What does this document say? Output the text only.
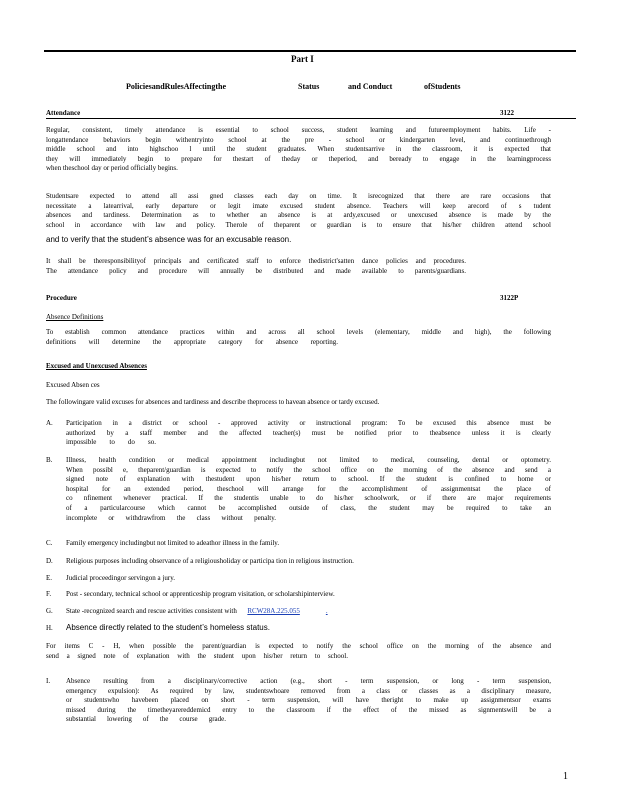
Part I
PoliciesandRulesAffectingthe	Status	and Conduct	ofStudents
Attendance	3122
Regular, consistent, timely attendance is essential to school success, student learning and futureemployment habits. Life -
longattendance behaviors begin withentryinto school at the pre - school or kindergarten level, and continuethrough
middle school and into highschoo l until the student graduates. When studentsarrive in the classroom, it is expected that
they will immediately begin to prepare for thestart of theday or theperiod, and beready to engage in the learningprocess
when theschool day or period officially begins.
Studentsare expected to attend all assi gned classes each day on time. It isrecognized that there are rare occasions that
necessitate a latearrival, early departure or legit imate excused student absence. Teachers will keep arecord of s tudent
absences and tardiness. Determination as to whether an absence is at ardy,excused or unexcused absence is made by the
school in accordance with law and policy. Therole of theparent or guardian is to ensure that his/her children attend school
and to verify that the student’s absence was for an excusable reason.
It shall be theresponsibilityof principals and certificated staff to enforce thedistrict'satten dance policies and procedures.
The attendance policy and procedure will annually be distributed and made available to parents/guardians.
Procedure	3122P
Absence Definitions
To establish common attendance practices within and across all school levels (elementary, middle and high), the following
definitions will determine the appropriate category for absence reporting.
Excused and Unexcused Absences
Excused Absen ces
The followingare valid excuses for absences and tardiness and describe theprocess to havean absence or tardy excused.
A. Participation in a district or school - approved activity or instructional program: To be excused this absence must be
authorized by a staff member and the affected teacher(s) must be notified prior to theabsence unless it is clearly
impossible to do so.
B. Illness, health condition or medical appointment includingbut not limited to medical, counseling, dental or optometry.
When possibl e, theparent/guardian is expected to notify the school office on the morning of the absence and send a
signed note of explanation with thestudent upon his/her return to school. If the student is confined to home or
hospital for an extended period, theschool will arrange for the accomplishment of assignmentsat the place of
co nfinement whenever practical. If the studentis unable to do his/her schoolwork, or if there are major requirements
of a particularcourse which cannot be accomplished outside of class, the student may be required to take an
incomplete or withdrawfrom the class without penalty.
C. Family emergency includingbut not limited to adeathor illness in the family.
D. Religious purposes including observance of a religiousholiday or participa tion in religious instruction.
E. Judicial proceedingor servingon a jury.
F. Post - secondary, technical school or apprenticeship program visitation, or scholarshipinterview.
G. State -recognized search and rescue activities consistent with RCW28A.225.055	.
H. Absence directly related to the student’s homeless status.
For items C - H, when possible the parent/guardian is expected to notify the school office on the morning of the absence and
send a signed note of explanation with the student upon his/her return to school.
I. Absence resulting from a disciplinary/corrective action (e.g., short - term suspension, or long - term suspension,
emergency expulsion): As required by law, studentswhoare removed from a class or classes as a disciplinary measure,
or studentswho havebeen placed on short - term suspension, will have theright to make up assignmentsor exams
missed during the timetheyarereddemicd entry to the classroom if the effect of the missed as signmentswill be a
substantial lowering of the course grade.
1
